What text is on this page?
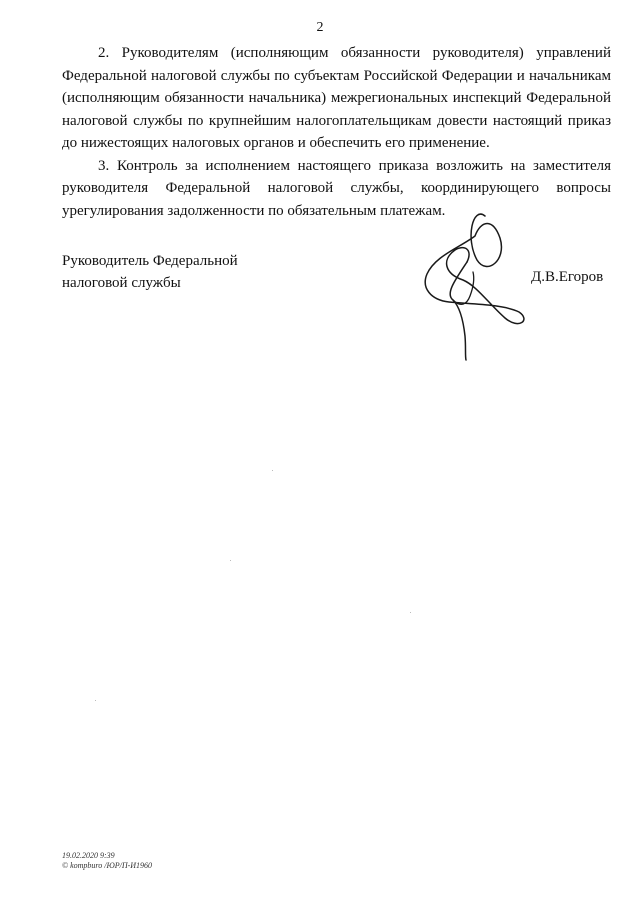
2

2. Руководителям (исполняющим обязанности руководителя) управлений Федеральной налоговой службы по субъектам Российской Федерации и начальникам (исполняющим обязанности начальника) межрегиональных инспекций Федеральной налоговой службы по крупнейшим налогоплательщикам довести настоящий приказ до нижестоящих налоговых органов и обеспечить его применение.

3. Контроль за исполнением настоящего приказа возложить на заместителя руководителя Федеральной налоговой службы, координирующего вопросы урегулирования задолженности по обязательным платежам.

Руководитель Федеральной
налоговой службы	Д.В.Егоров
19.02.2020 9:39
© kompburo /ЮР/П-И1960
